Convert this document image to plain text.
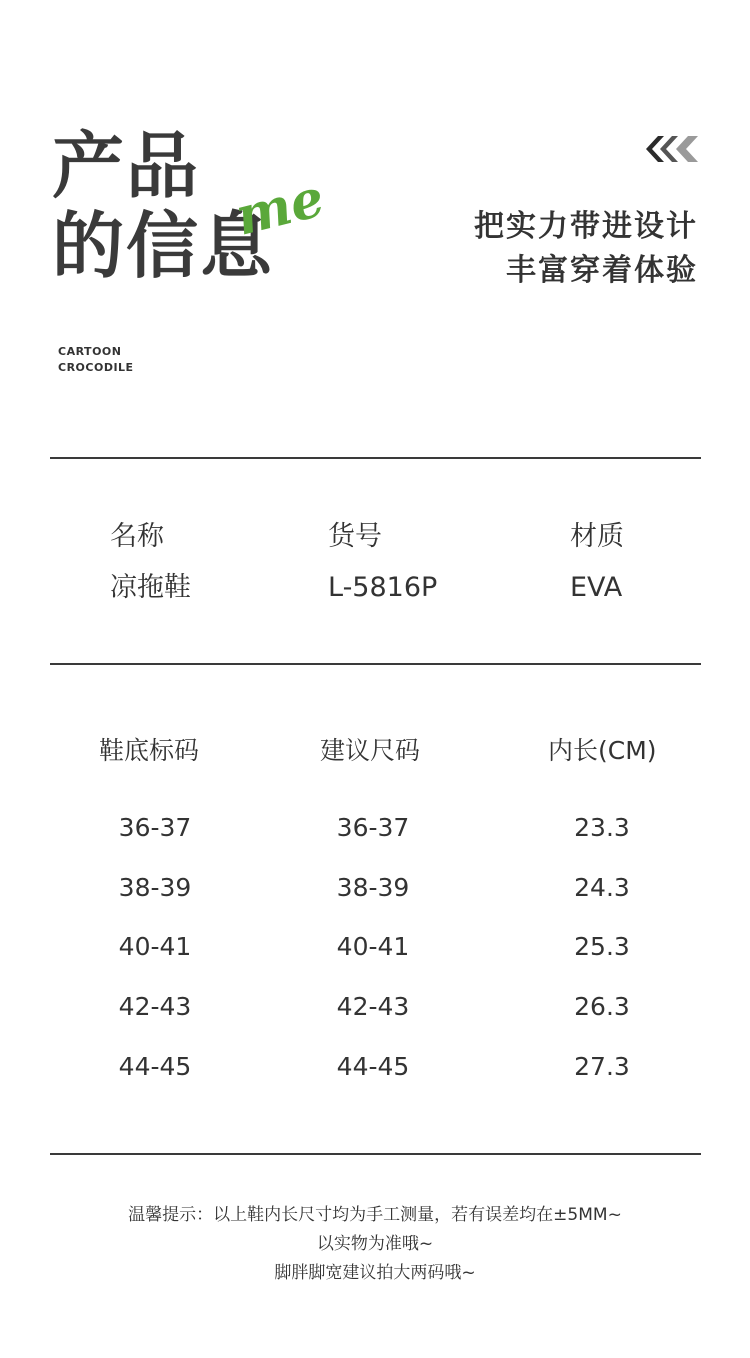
产品
的信息
me	把实力带进设计
丰富穿着体验
CARTOON
CROCODILE
名称	货号	材质
凉拖鞋	L-5816P	EVA
鞋底标码	建议尺码	内长(CM)
36-37	36-37	23.3
38-39	38-39	24.3
40-41	40-41	25.3
42-43	42-43	26.3
44-45	44-45	27.3
温馨提示：以上鞋内长尺寸均为手工测量，若有误差均在±5MM~
以实物为准哦~
脚胖脚宽建议拍大两码哦~
